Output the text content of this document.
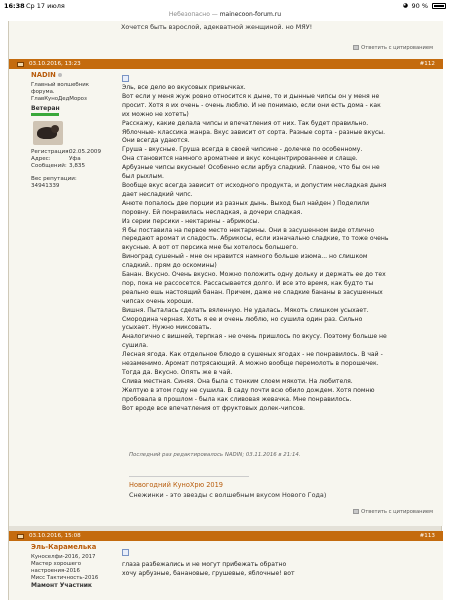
16:38 Ср 17 июля	◕ 90 %
Небезопасно — mainecoon-forum.ru
Хочется быть взрослой, адекватной женщиной. но МЯУ!
Ответить с цитированием
03.10.2016, 13:23	#112
NADIN
Главный волшебник
форума.
ГлавКуноДедМороз
Ветеран
Регистрация:02.05.2009
Адрес:	Уфа
Сообщений: 3,835
Вес репутации:
34941339
Эль, все дело во вкусовых привычках.
Вот если у меня жуж ровно относится к дыне, то и дынные чипсы он у меня не
просит. Хотя я их очень - очень люблю. И не понимаю, если они есть дома - как
их можно не хотеть)
Расскажу, какие делала чипсы и впечатления от них. Так будет правильно.
Яблочные- классика жанра. Вкус зависит от сорта. Разные сорта - разные вкусы.
Они всегда удаются.
Груша - вкусные. Груша всегда в своей чипсине - долечке по особенному.
Она становится намного ароматнее и вкус концентрированнее и слаще.
Арбузные чипсы вкусные! Особенно если арбуз сладкий. Главное, что бы он не
был рыхлым.
Вообще вкус всегда зависит от исходного продукта, и допустим несладкая дыня
дает несладкий чипс.
Анюте попалось две порции из разных дынь. Выход был найден ) Поделили
поровну. Ей понравилась несладкая, а дочери сладкая.
Из серии персики - нектарины - абрикосы.
Я бы поставила на первое место нектарины. Они в засушенном виде отлично
передают аромат и сладость. Абрикосы, если изначально сладкие, то тоже очень
вкусные. А вот от персика мне бы хотелось большего.
Виноград сушеный - мне он нравится намного больше изюма... но слишком
сладкий.. прям до оскомины)
Банан. Вкусно. Очень вкусно. Можно положить одну дольку и держать ее до тех
пор, пока не рассосется. Рассасывается долго. И все это время, как будто ты
реально ешь настоящий банан. Причем, даже не сладкие бананы в засушенных
чипсах очень хороши.
Вишня. Пыталась сделать вяленную. Не удалась. Мякоть слишком усыхает.
Смородина черная. Хоть я ее и очень люблю, но сушила один раз. Сильно
усыхает. Нужно миксовать.
Аналогично с вишней, терпкая - не очень пришлось по вкусу. Поэтому больше не
сушила.
Лесная ягода. Как отдельное блюдо в сушеных ягодах - не понравилось. В чай -
незаменимо. Аромат потрясающий. А можно вообще перемолоть в порошечек.
Тогда да. Вкусно. Опять же в чай.
Слива местная. Синяя. Она была с тонким слоем мякоти. На любителя.
Желтую в этом году не сушила. В саду почти всю обило дождем. Хотя помню
пробовала в прошлом - была как сливовая жевачка. Мне понравилось.
Вот вроде все впечатления от фруктовых долек-чипсов.
Последний раз редактировалось NADIN; 03.11.2016 в 21:14.
Новогодний КуноХрю 2019
Снежинки - это звезды с волшебным вкусом Нового Года)
Ответить с цитированием
03.10.2016, 15:08	#113
Эль-Карамелька
Куноселфи-2016, 2017
Мастер хорошего
настроения-2016
Мисс Тактичность-2016
Мамонт Участник
глаза разбежались и не могут прибежать обратно
хочу арбузные, банановые, грушевые, яблочные! вот
